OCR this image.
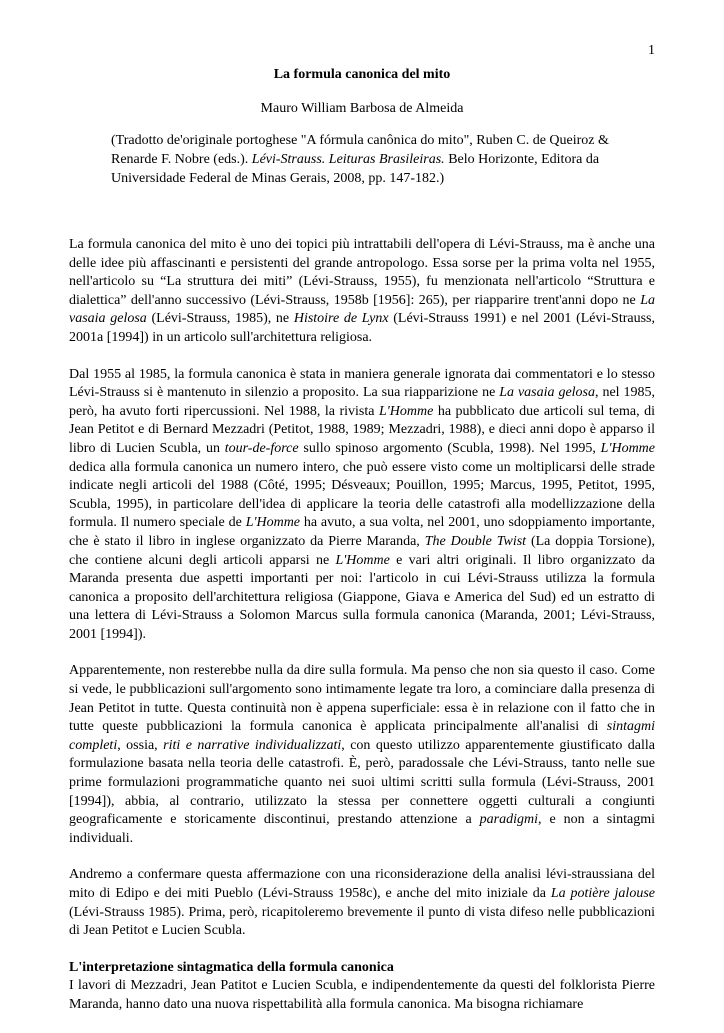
1
La formula canonica del mito
Mauro William Barbosa de Almeida
(Tradotto de'originale portoghese "A fórmula canônica do mito", Ruben C. de Queiroz & Renarde F. Nobre (eds.). Lévi-Strauss. Leituras Brasileiras. Belo Horizonte, Editora da Universidade Federal de Minas Gerais, 2008, pp. 147-182.)

La formula canonica del mito è uno dei topici più intrattabili dell'opera di Lévi-Strauss, ma è anche una delle idee più affascinanti e persistenti del grande antropologo. Essa sorse per la prima volta nel 1955, nell'articolo su “La struttura dei miti” (Lévi-Strauss, 1955), fu menzionata nell'articolo “Struttura e dialettica” dell'anno successivo (Lévi-Strauss, 1958b [1956]: 265), per riapparire trent'anni dopo ne La vasaia gelosa (Lévi-Strauss, 1985), ne Histoire de Lynx (Lévi-Strauss 1991) e nel 2001 (Lévi-Strauss, 2001a [1994]) in un articolo sull'architettura religiosa.

Dal 1955 al 1985, la formula canonica è stata in maniera generale ignorata dai commentatori e lo stesso Lévi-Strauss si è mantenuto in silenzio a proposito. La sua riapparizione ne La vasaia gelosa, nel 1985, però, ha avuto forti ripercussioni. Nel 1988, la rivista L'Homme ha pubblicato due articoli sul tema, di Jean Petitot e di Bernard Mezzadri (Petitot, 1988, 1989; Mezzadri, 1988), e dieci anni dopo è apparso il libro di Lucien Scubla, un tour-de-force sullo spinoso argomento (Scubla, 1998). Nel 1995, L'Homme dedica alla formula canonica un numero intero, che può essere visto come un moltiplicarsi delle strade indicate negli articoli del 1988 (Côté, 1995; Désveaux; Pouillon, 1995; Marcus, 1995, Petitot, 1995, Scubla, 1995), in particolare dell'idea di applicare la teoria delle catastrofi alla modellizzazione della formula. Il numero speciale de L'Homme ha avuto, a sua volta, nel 2001, uno sdoppiamento importante, che è stato il libro in inglese organizzato da Pierre Maranda, The Double Twist (La doppia Torsione), che contiene alcuni degli articoli apparsi ne L'Homme e vari altri originali. Il libro organizzato da Maranda presenta due aspetti importanti per noi: l'articolo in cui Lévi-Strauss utilizza la formula canonica a proposito dell'architettura religiosa (Giappone, Giava e America del Sud) ed un estratto di una lettera di Lévi-Strauss a Solomon Marcus sulla formula canonica (Maranda, 2001; Lévi-Strauss, 2001 [1994]).

Apparentemente, non resterebbe nulla da dire sulla formula. Ma penso che non sia questo il caso. Come si vede, le pubblicazioni sull'argomento sono intimamente legate tra loro, a cominciare dalla presenza di Jean Petitot in tutte. Questa continuità non è appena superficiale: essa è in relazione con il fatto che in tutte queste pubblicazioni la formula canonica è applicata principalmente all'analisi di sintagmi completi, ossia, riti e narrative individualizzati, con questo utilizzo apparentemente giustificato dalla formulazione basata nella teoria delle catastrofi. È, però, paradossale che Lévi-Strauss, tanto nelle sue prime formulazioni programmatiche quanto nei suoi ultimi scritti sulla formula (Lévi-Strauss, 2001 [1994]), abbia, al contrario, utilizzato la stessa per connettere oggetti culturali a congiunti geograficamente e storicamente discontinui, prestando attenzione a paradigmi, e non a sintagmi individuali.

Andremo a confermare questa affermazione con una riconsiderazione della analisi lévi-straussiana del mito di Edipo e dei miti Pueblo (Lévi-Strauss 1958c), e anche del mito iniziale da La potière jalouse (Lévi-Strauss 1985). Prima, però, ricapitoleremo brevemente il punto di vista difeso nelle pubblicazioni di Jean Petitot e Lucien Scubla.

L'interpretazione sintagmatica della formula canonica

I lavori di Mezzadri, Jean Patitot e Lucien Scubla, e indipendentemente da questi del folklorista Pierre Maranda, hanno dato una nuova rispettabilità alla formula canonica. Ma bisogna richiamare
